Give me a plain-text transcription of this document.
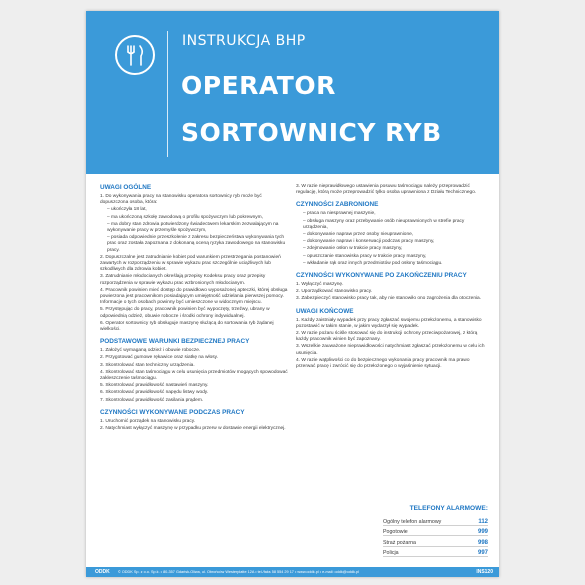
INSTRUKCJA BHP
OPERATOR
SORTOWNICY RYB
UWAGI OGÓLNE

1. Do wykonywania pracy na stanowisku operatora sortownicy ryb może być dopuszczona osoba, która:

– ukończyła 18 lat,

– ma ukończoną szkołę zawodową o profilu spożywczym lub pokrewnym,

– ma dobry stan zdrowia potwierdzony świadectwem lekarskim zezwalającym na wykonywanie pracy w przemyśle spożywczym,

– posiada odpowiednie przeszkolenie z zakresu bezpieczeństwa wykonywania tych prac oraz została zapoznana z dokonaną oceną ryzyka zawodowego na stanowisku pracy.

2. Dopuszczalne jest zatrudnianie kobiet pod warunkiem przestrzegania postanowień zawartych w rozporządzeniu w sprawie wykazu prac szczególnie uciążliwych lub szkodliwych dla zdrowia kobiet.

3. Zatrudnianie młodocianych określają przepisy Kodeksu pracy oraz przepisy rozporządzenia w sprawie wykazu prac wzbronionych młodocianym.

4. Pracownik powinien mieć dostęp do prawidłowo wyposażonej apteczki, której obsługa powierzona jest pracownikom posiadającym umiejętność udzielania pierwszej pomocy. Informacje o tych osobach powinny być umieszczone w widocznym miejscu.

5. Przystępując do pracy, pracownik powinien być wypoczęty, trzeźwy, ubrany w odpowiednią odzież, obuwie robocze i środki ochrony indywidualnej.

6. Operator sortownicy ryb obsługuje maszynę służącą do sortowania ryb żądanej wielkości.

PODSTAWOWE WARUNKI BEZPIECZNEJ PRACY

1. Założyć wymaganą odzież i obuwie robocze.

2. Przygotować gumowe rękawice oraz siatkę na włosy.

3. Skontrolować stan techniczny urządzenia.

4. Skontrolować stan taśmociągu w celu usunięcia przedmiotów mogących spowodować zakleszczenie taśmociągu.

5. Skontrolować prawidłowość nastawień maszyny.

6. Skontrolować prawidłowość napędu listwy wody.

7. Skontrolować prawidłowość zasilania prądem.

CZYNNOŚCI WYKONYWANE PODCZAS PRACY

1. Uruchomić porządek na stanowisku pracy.

2. Natychmiast wyłączyć maszynę w przypadku przerw w dostawie energii elektrycznej.

3. W razie nieprawidłowego ustawienia posuwu taśmociągu należy przeprowadzić regulację, którą może przeprowadzić tylko osoba uprawniona z Działu Technicznego.

CZYNNOŚCI ZABRONIONE

– praca na niesprawnej maszynie,

– obsługa maszyny oraz przebywanie osób nieuprawnionych w strefie pracy urządzenia,

– dokonywanie napraw przez osoby nieuprawnione,

– dokonywanie napraw i konserwacji podczas pracy maszyny,

– zdejmowanie osłon w trakcie pracy maszyny,

– opuszczanie stanowiska pracy w trakcie pracy maszyny,

– wkładanie rąk oraz innych przedmiotów pod osłony taśmociągu.

CZYNNOŚCI WYKONYWANE PO ZAKOŃCZENIU PRACY

1. Wyłączyć maszynę.

2. Uporządkować stanowisko pracy.

3. Zabezpieczyć stanowisko pracy tak, aby nie stanowiło ono zagrożenia dla otoczenia.

UWAGI KOŃCOWE

1. Każdy zaistniały wypadek przy pracy zgłaszać swojemu przełożonemu, a stanowisko pozostawić w takim stanie, w jakim wydarzył się wypadek.

2. W razie pożaru ściśle stosować się do instrukcji ochrony przeciwpożarowej, z którą każdy pracownik winien być zapoznany.

3. Wszelkie zauważone nieprawidłowości natychmiast zgłaszać przełożonemu w celu ich usunięcia.

4. W razie wątpliwości co do bezpiecznego wykonania pracy pracownik ma prawo przerwać pracę i zwrócić się do przełożonego o wyjaśnienie sytuacji.

TELEFONY ALARMOWE:
Ogólny telefon alarmowy	112
Pogotowie	999
Straż pożarna	998
Policja	997
ODDK © ODDK Sp. z o.o. Sp.k. • 80-357 Gdańsk-Oliwa, ul. Obrońców Westerplatte 12A • tel./faks 58 554 29 17 • www.oddk.pl • e-mail: oddk@oddk.pl	INS120
